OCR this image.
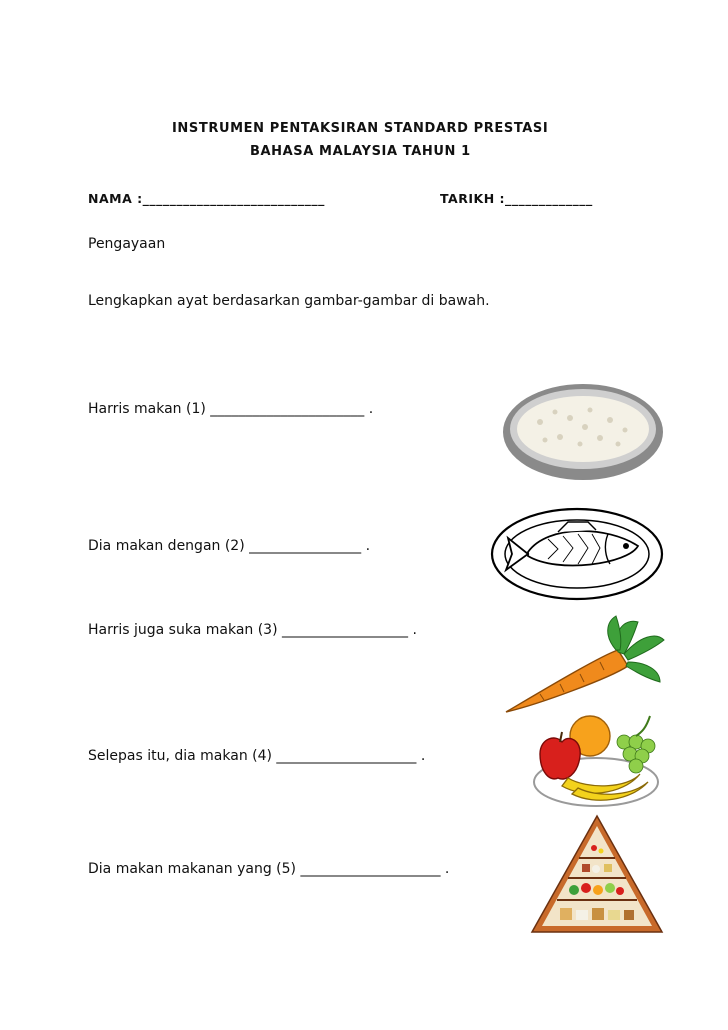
INSTRUMEN PENTAKSIRAN STANDARD PRESTASI
BAHASA MALAYSIA TAHUN 1
NAMA :___________________________	TARIKH :_____________
Pengayaan
Lengkapkan ayat berdasarkan gambar-gambar di bawah.
Harris makan (1) ______________________ .
Dia makan dengan (2) ________________ .
Harris juga suka makan (3) __________________ .
Selepas itu, dia makan (4) ____________________ .
Dia makan makanan yang (5) ____________________ .
